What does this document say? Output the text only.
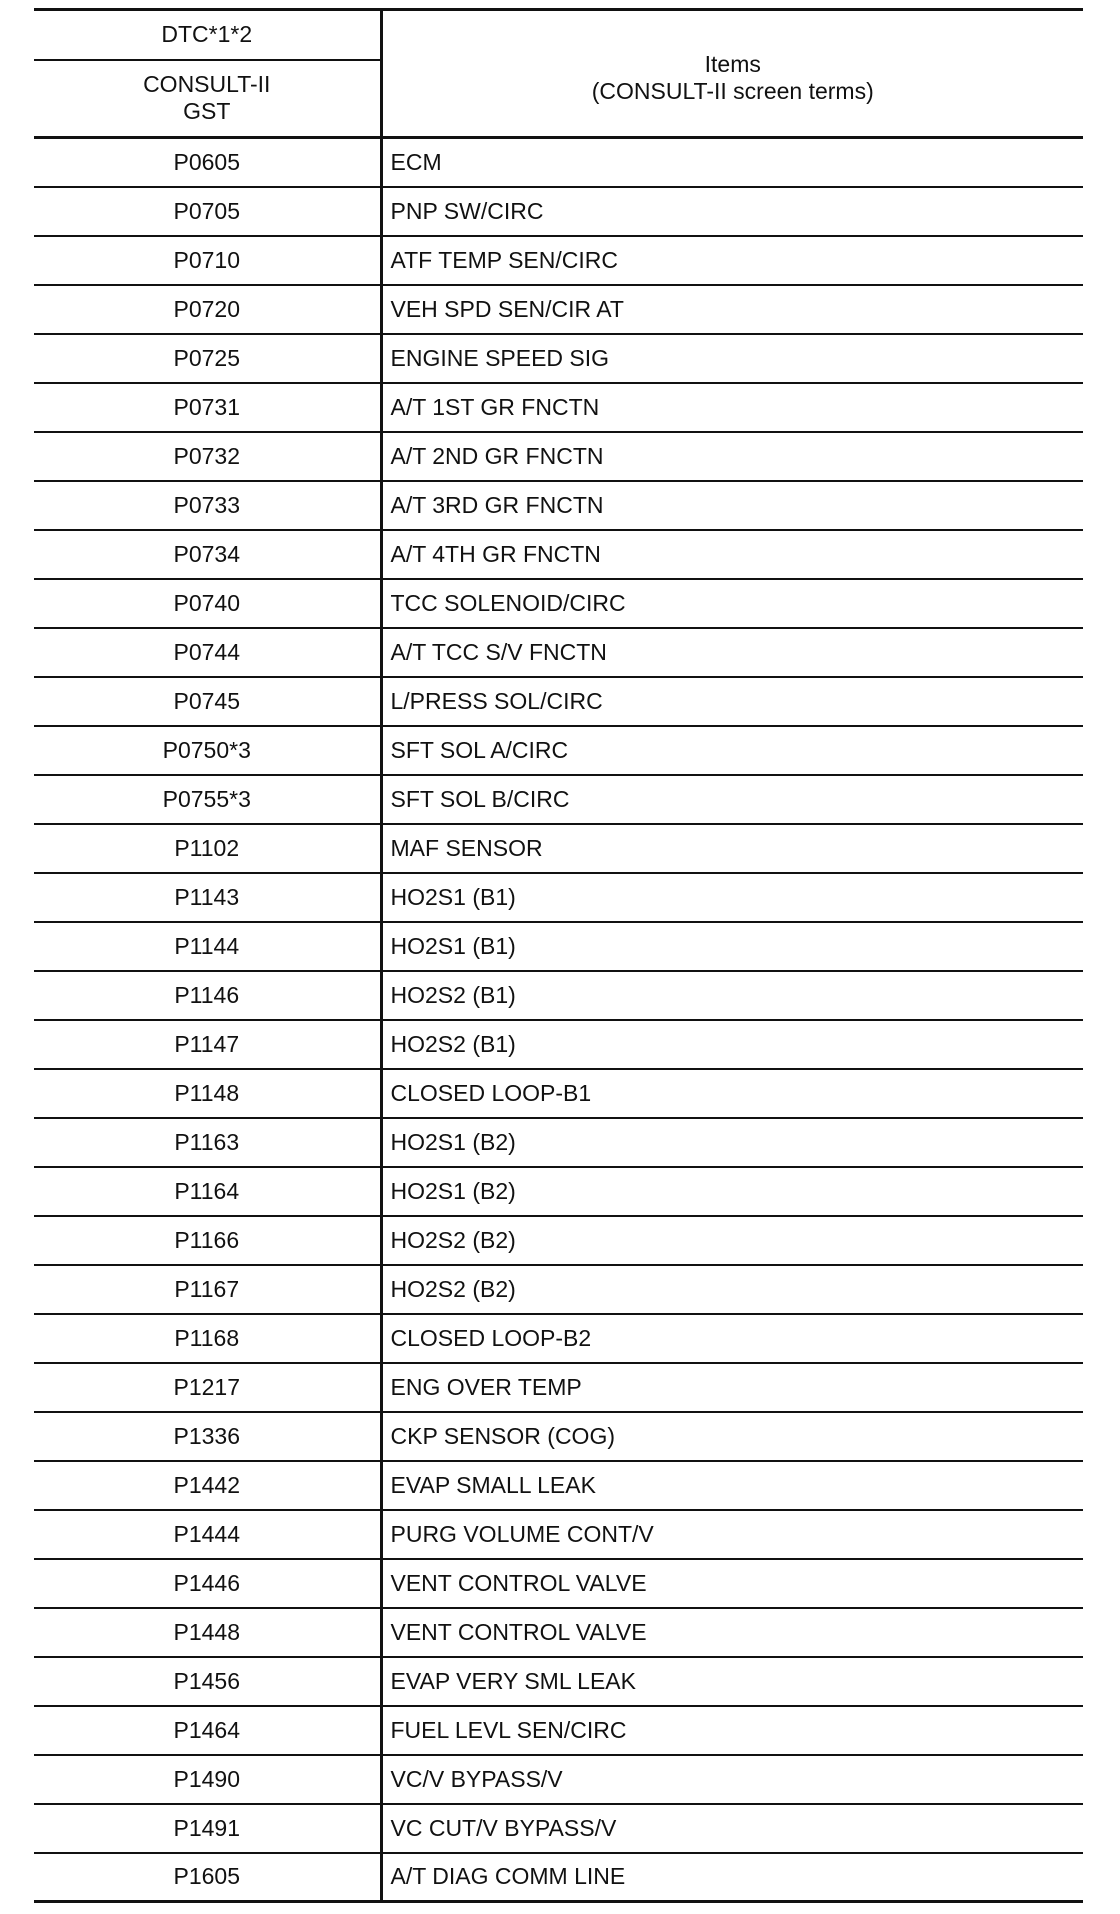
DTC*1*2	Items
(CONSULT-II screen terms)

CONSULT-II
GST	

P0605	ECM
P0705	PNP SW/CIRC
P0710	ATF TEMP SEN/CIRC
P0720	VEH SPD SEN/CIR AT
P0725	ENGINE SPEED SIG
P0731	A/T 1ST GR FNCTN
P0732	A/T 2ND GR FNCTN
P0733	A/T 3RD GR FNCTN
P0734	A/T 4TH GR FNCTN
P0740	TCC SOLENOID/CIRC
P0744	A/T TCC S/V FNCTN
P0745	L/PRESS SOL/CIRC
P0750*3	SFT SOL A/CIRC
P0755*3	SFT SOL B/CIRC
P1102	MAF SENSOR
P1143	HO2S1 (B1)
P1144	HO2S1 (B1)
P1146	HO2S2 (B1)
P1147	HO2S2 (B1)
P1148	CLOSED LOOP-B1
P1163	HO2S1 (B2)
P1164	HO2S1 (B2)
P1166	HO2S2 (B2)
P1167	HO2S2 (B2)
P1168	CLOSED LOOP-B2
P1217	ENG OVER TEMP
P1336	CKP SENSOR (COG)
P1442	EVAP SMALL LEAK
P1444	PURG VOLUME CONT/V
P1446	VENT CONTROL VALVE
P1448	VENT CONTROL VALVE
P1456	EVAP VERY SML LEAK
P1464	FUEL LEVL SEN/CIRC
P1490	VC/V BYPASS/V
P1491	VC CUT/V BYPASS/V
P1605	A/T DIAG COMM LINE
